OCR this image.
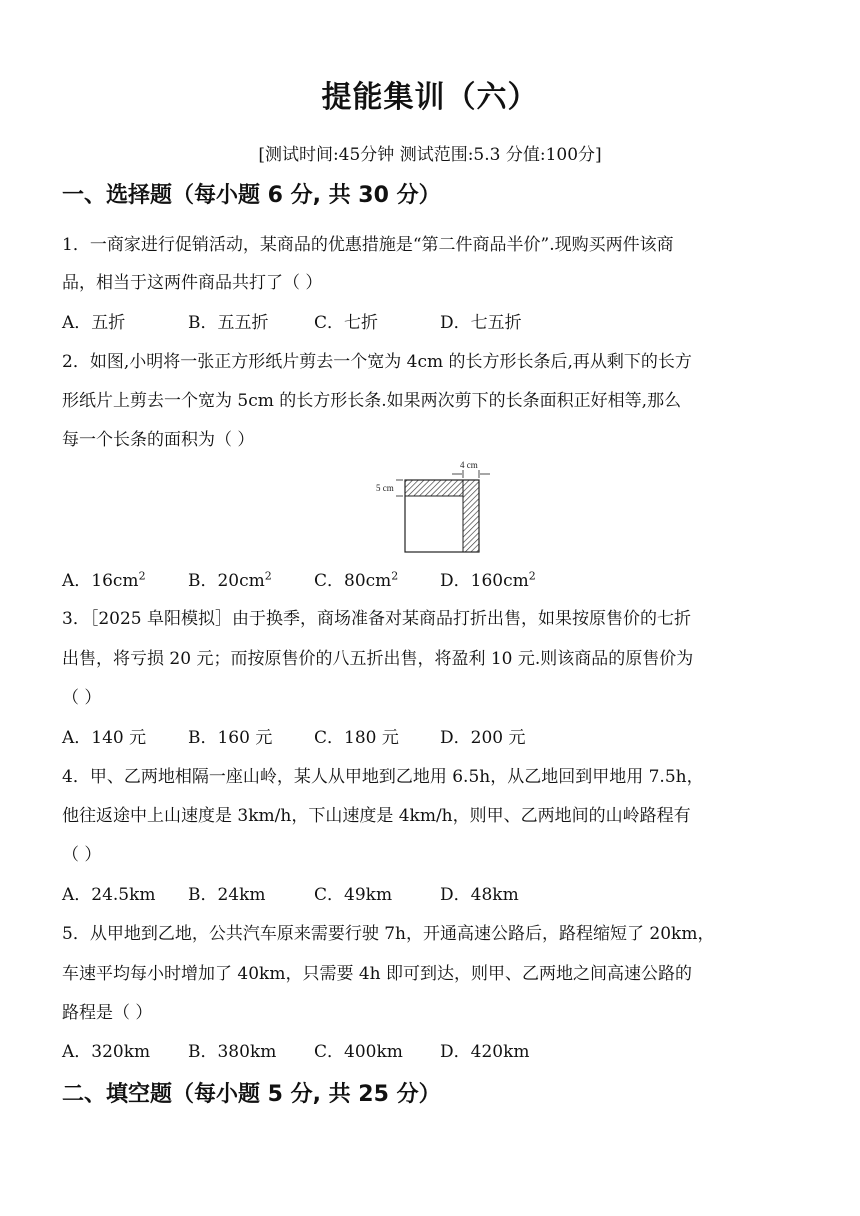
提能集训（六）
[测试时间:45分钟 测试范围:5.3 分值:100分]
一、选择题（每小题 6 分, 共 30 分）
1．一商家进行促销活动，某商品的优惠措施是“第二件商品半价”.现购买两件该商
品，相当于这两件商品共打了（ ）
A．五折	B．五五折	C．七折	D．七五折
2．如图,小明将一张正方形纸片剪去一个宽为 4cm 的长方形长条后,再从剩下的长方
形纸片上剪去一个宽为 5cm 的长方形长条.如果两次剪下的长条面积正好相等,那么
每一个长条的面积为（ ）
4 cm
5 cm
A．$16cm^2$ B．$20cm^2$ C．$80cm^2$ D．$160cm^2$
3．［2025 阜阳模拟］由于换季，商场准备对某商品打折出售，如果按原售价的七折
出售，将亏损 20 元；而按原售价的八五折出售，将盈利 10 元.则该商品的原售价为
（ ）
A．140 元 B．160 元 C．180 元 D．200 元
4．甲、乙两地相隔一座山岭，某人从甲地到乙地用 6.5h，从乙地回到甲地用 7.5h，
他往返途中上山速度是 3km/h，下山速度是 4km/h，则甲、乙两地间的山岭路程有
（ ）
A．24.5km B．24km	C．49km	D．48km
5．从甲地到乙地，公共汽车原来需要行驶 7h，开通高速公路后，路程缩短了 20km，
车速平均每小时增加了 40km，只需要 4h 即可到达，则甲、乙两地之间高速公路的
路程是（ ）
A．320km B．380km C．400km D．420km
二、填空题（每小题 5 分, 共 25 分）
